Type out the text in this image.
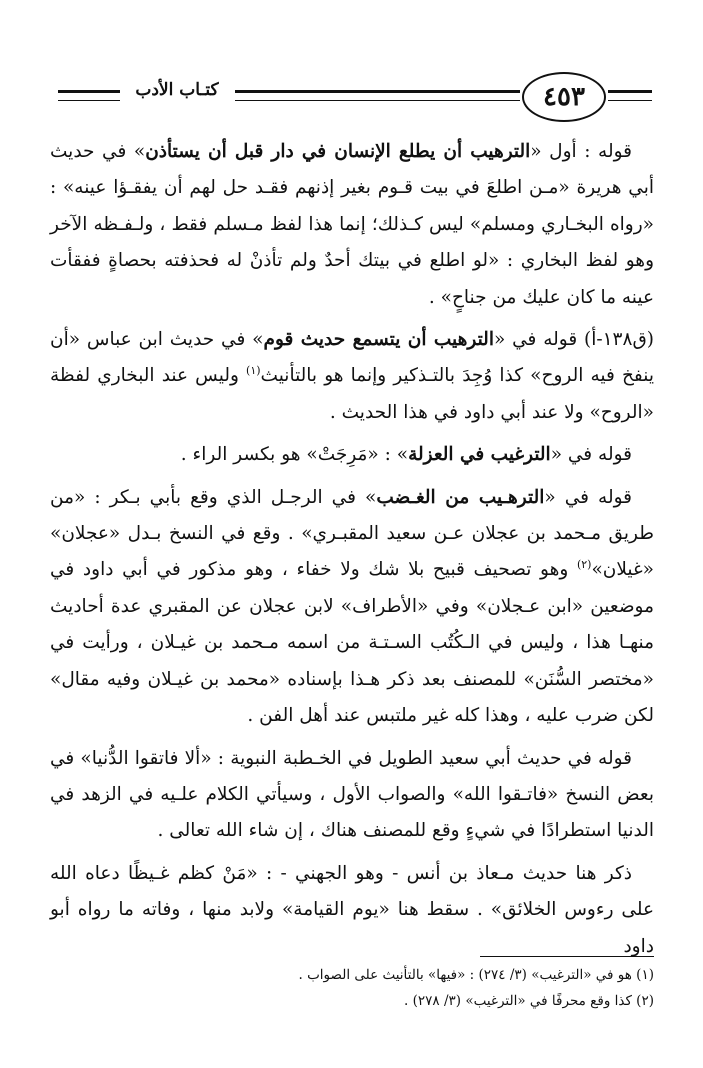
كتـاب الأدب	٤٥٣

قوله : أول «الترهيب أن يطلع الإنسان في دار قبل أن يستأذن» في حديث أبي هريرة «مـن اطلعَ في بيت قـوم بغير إذنهم فقـد حل لهم أن يفقـؤا عينه» : «رواه البخـاري ومسلم» ليس كـذلك؛ إنما هذا لفظ مـسلم فقط ، ولـفـظه الآخر وهو لفظ البخاري : «لو اطلع في بيتك أحدٌ ولم تأذنْ له فحذفته بحصاةٍ ففقأت عينه ما كان عليك من جناحٍ» .

(ق١٣٨-أ) قوله في «الترهيب أن يتسمع حديث قوم» في حديث ابن عباس «أن ينفخ فيه الروح» كذا وُجِدَ بالتـذكير وإنما هو بالتأنيث$^{(١)}$ وليس عند البخاري لفظة «الروح» ولا عند أبي داود في هذا الحديث .

قوله في «الترغيب في العزلة» : «مَرِجَتْ» هو بكسر الراء .

قوله في «الترهـيب من الغـضب» في الرجـل الذي وقع بأبي بـكر : «من طريق مـحمد بن عجلان عـن سعيد المقبـري» . وقع في النسخ بـدل «عجلان» «غيلان»$^{(٢)}$ وهو تصحيف قبيح بلا شك ولا خفاء ، وهو مذكور في أبي داود في موضعين «ابن عـجلان» وفي «الأطراف» لابن عجلان عن المقبري عدة أحاديث منهـا هذا ، وليس في الـكُتُب السـتـة من اسمه مـحمد بن غيـلان ، ورأيت في «مختصر السُّنَن» للمصنف بعد ذكر هـذا بإسناده «محمد بن غيـلان وفيه مقال» لكن ضرب عليه ، وهذا كله غير ملتبس عند أهل الفن .

قوله في حديث أبي سعيد الطويل في الخـطبة النبوية : «ألا فاتقوا الدُّنيا» في بعض النسخ «فاتـقوا الله» والصواب الأول ، وسيأتي الكلام علـيه في الزهد في الدنيا استطرادًا في شيءٍ وقع للمصنف هناك ، إن شاء الله تعالى .

ذكر هنا حديث مـعاذ بن أنس - وهو الجهني - : «مَنْ كظم غـيظًا دعاه الله على رءوس الخلائق» . سقط هنا «يوم القيامة» ولابد منها ، وفاته ما رواه أبو داود

(١) هو في «الترغيب» (٣/ ٢٧٤) : «فيها» بالتأنيث على الصواب .
(٢) كذا وقع محرفًا في «الترغيب» (٣/ ٢٧٨) .
